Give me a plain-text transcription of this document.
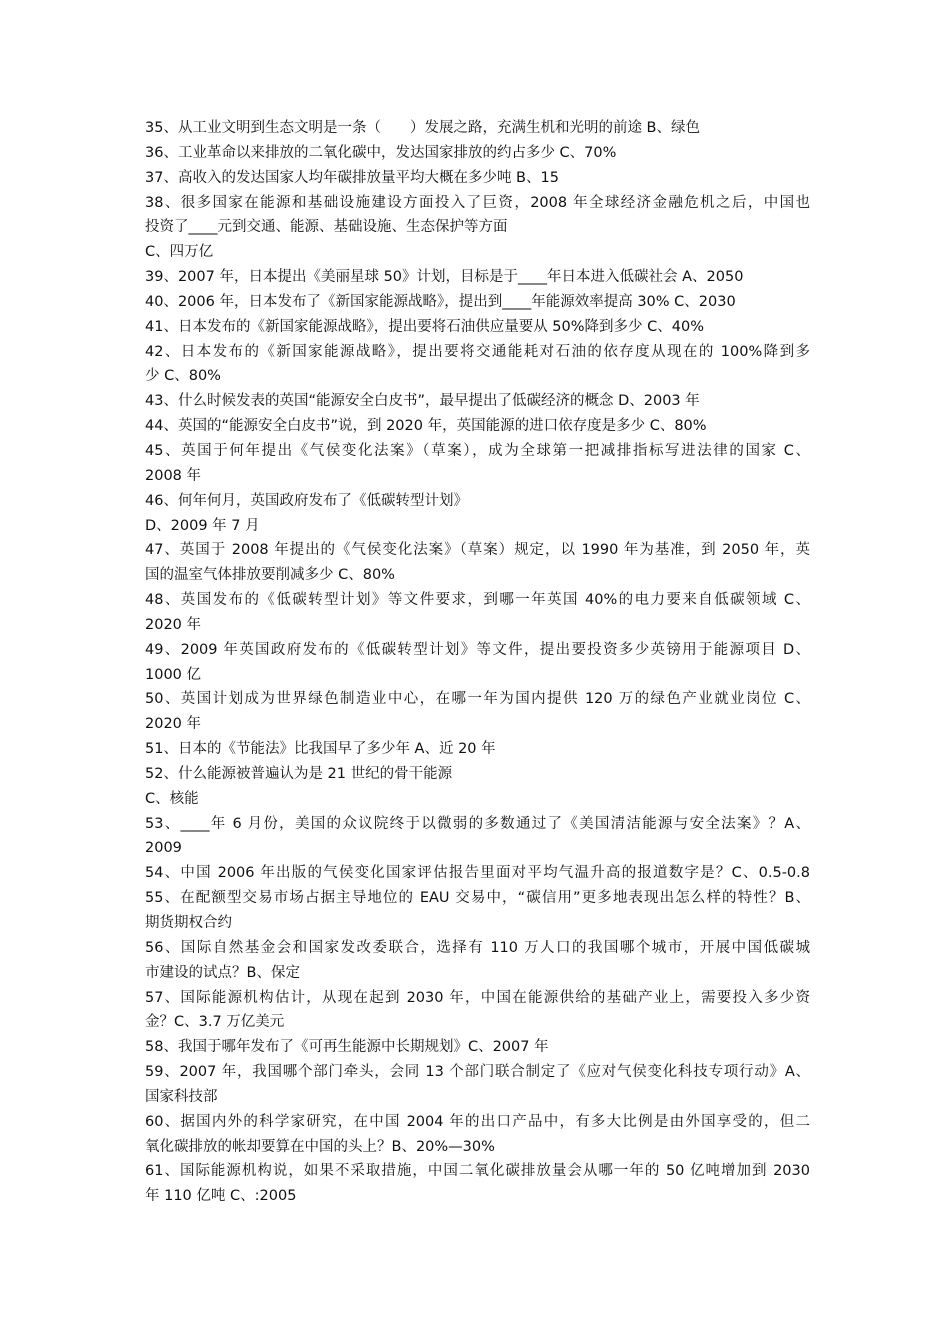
35、从工业文明到生态文明是一条（　　）发展之路，充满生机和光明的前途 B、绿色
36、工业革命以来排放的二氧化碳中，发达国家排放的约占多少 C、70%
37、高收入的发达国家人均年碳排放量平均大概在多少吨 B、15
38、很多国家在能源和基础设施建设方面投入了巨资，2008 年全球经济金融危机之后，中国也
投资了____元到交通、能源、基础设施、生态保护等方面
C、四万亿
39、2007 年，日本提出《美丽星球 50》计划，目标是于____年日本进入低碳社会 A、2050
40、2006 年，日本发布了《新国家能源战略》，提出到____年能源效率提高 30% C、2030
41、日本发布的《新国家能源战略》，提出要将石油供应量要从 50%降到多少 C、40%
42、日本发布的《新国家能源战略》，提出要将交通能耗对石油的依存度从现在的 100%降到多
少 C、80%
43、什么时候发表的英国“能源安全白皮书”，最早提出了低碳经济的概念 D、2003 年
44、英国的“能源安全白皮书”说，到 2020 年，英国能源的进口依存度是多少 C、80%
45、英国于何年提出《气侯变化法案》（草案），成为全球第一把减排指标写进法律的国家 C、
2008 年
46、何年何月，英国政府发布了《低碳转型计划》
D、2009 年 7 月
47、英国于 2008 年提出的《气侯变化法案》（草案）规定，以 1990 年为基准，到 2050 年，英
国的温室气体排放要削减多少 C、80%
48、英国发布的《低碳转型计划》等文件要求，到哪一年英国 40%的电力要来自低碳领域 C、
2020 年
49、2009 年英国政府发布的《低碳转型计划》等文件，提出要投资多少英镑用于能源项目 D、
1000 亿
50、英国计划成为世界绿色制造业中心，在哪一年为国内提供 120 万的绿色产业就业岗位 C、
2020 年
51、日本的《节能法》比我国早了多少年 A、近 20 年
52、什么能源被普遍认为是 21 世纪的骨干能源
C、核能
53、____年 6 月份，美国的众议院终于以微弱的多数通过了《美国清洁能源与安全法案》？A、
2009
54、中国 2006 年出版的气侯变化国家评估报告里面对平均气温升高的报道数字是？C、0.5-0.8
55、在配额型交易市场占据主导地位的 EAU 交易中，“碳信用”更多地表现出怎么样的特性？B、
期货期权合约
56、国际自然基金会和国家发改委联合，选择有 110 万人口的我国哪个城市，开展中国低碳城
市建设的试点？B、保定
57、国际能源机构估计，从现在起到 2030 年，中国在能源供给的基础产业上，需要投入多少资
金？C、3.7 万亿美元
58、我国于哪年发布了《可再生能源中长期规划》C、2007 年
59、2007 年，我国哪个部门牵头，会同 13 个部门联合制定了《应对气侯变化科技专项行动》A、
国家科技部
60、据国内外的科学家研究，在中国 2004 年的出口产品中，有多大比例是由外国享受的，但二
氧化碳排放的帐却要算在中国的头上？B、20%—30%
61、国际能源机构说，如果不采取措施，中国二氧化碳排放量会从哪一年的 50 亿吨增加到 2030
年 110 亿吨 C、:2005
